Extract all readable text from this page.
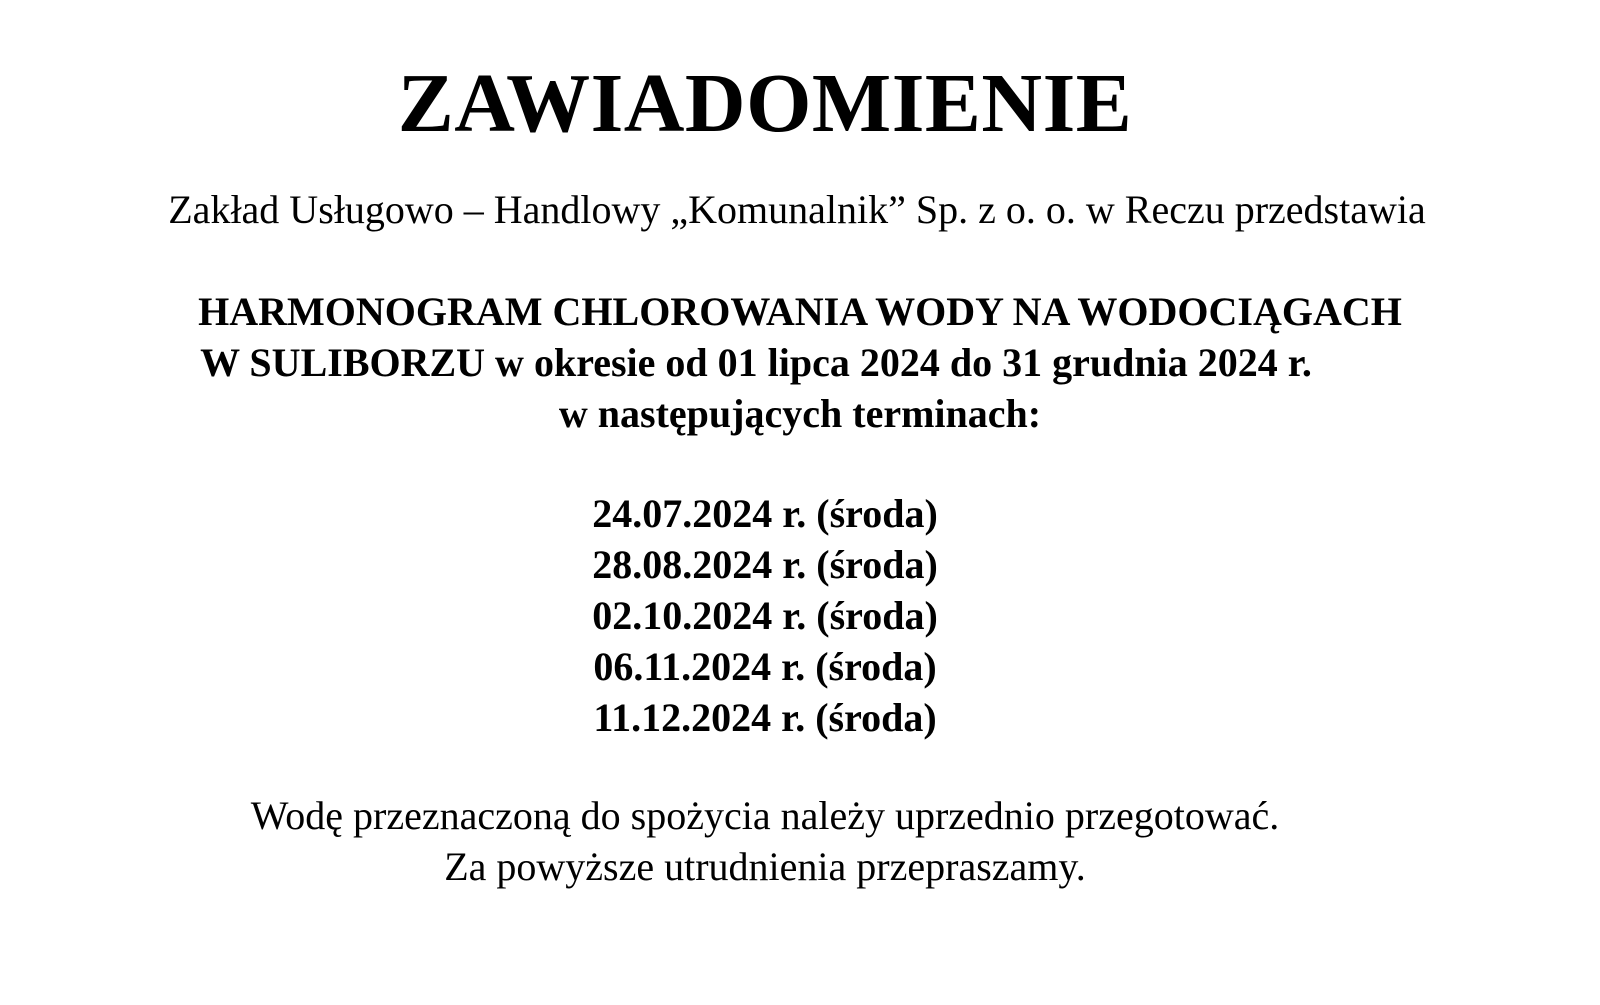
ZAWIADOMIENIE
Zakład Usługowo – Handlowy „Komunalnik” Sp. z o. o. w Reczu przedstawia
HARMONOGRAM CHLOROWANIA WODY NA WODOCIĄGACH
W SULIBORZU w okresie od 01 lipca 2024 do 31 grudnia 2024 r.
w następujących terminach:
24.07.2024 r. (środa)
28.08.2024 r. (środa)
02.10.2024 r. (środa)
06.11.2024 r. (środa)
11.12.2024 r. (środa)
Wodę przeznaczoną do spożycia należy uprzednio przegotować.
Za powyższe utrudnienia przepraszamy.
